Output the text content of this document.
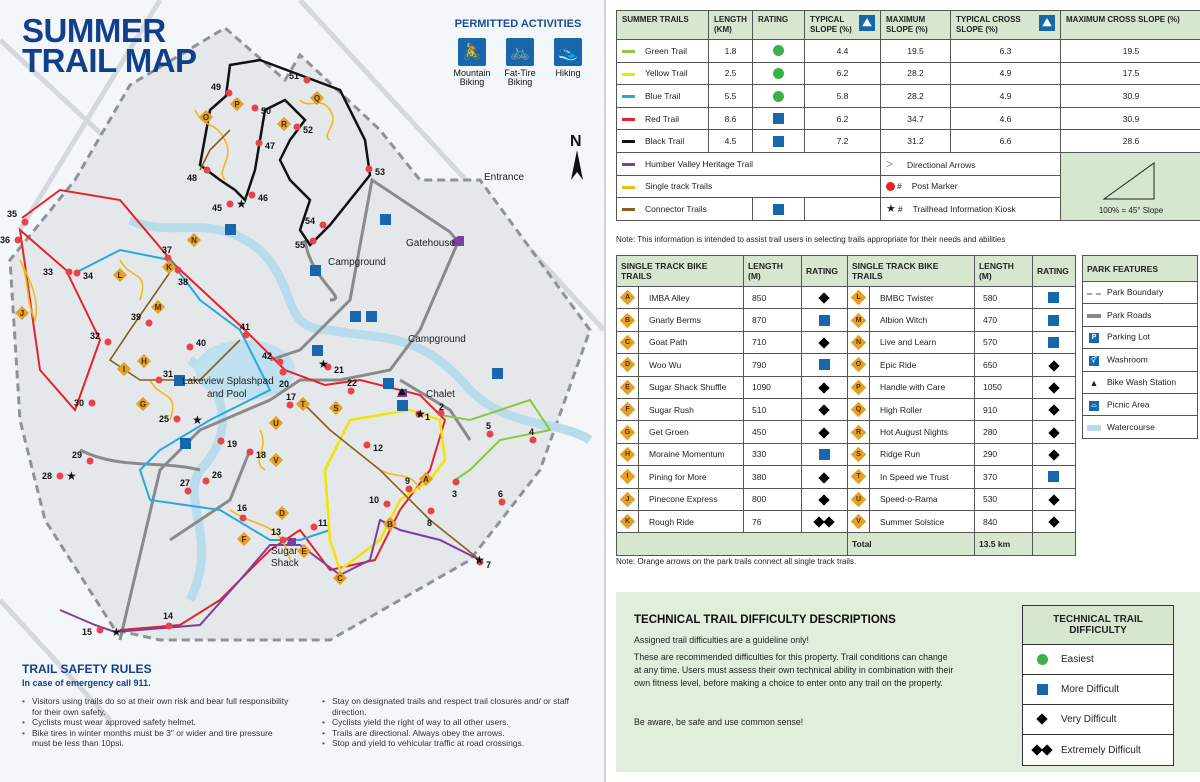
1
2
3
4
5
6
7
8
9
10
11
12
13
14
15
16
17
18
19
20
21
22
25
26
27
28
29
30
31
32
33	34
35
36
37
38
39
40
41
42
45
46
47
48
49
50
51
52
53
54
55
A
B
C
D
E
F
G
H
I
J
K
L
M
N
O
P
Q
R
S
T
U
V
★
★
★
★
★
★
★
N
Entrance
Gatehouse
Campground
Campground
Lakeview Splashpad
and Pool	Chalet
Sugar
Shack
SUMMER
TRAIL MAP
PERMITTED ACTIVITIES
🚴
Mountain
Biking
🚲
Fat-Tire
Biking
👟
Hiking
TRAIL SAFETY RULES
In case of emergency call 911.
• Visitors using trails do so at their own risk and bear full responsibility for their own safety.
• Cyclists must wear approved safety helmet.
• Bike tires in winter months must be 3" or wider and tire pressure must be less than 10psi.
• Stay on designated trails and respect trail closures and/ or staff direction.
• Cyclists yield the right of way to all other users.
• Trails are directional. Always obey the arrows.
• Stop and yield to vehicular traffic at road crossings.
SUMMER TRAILS	LENGTH (KM)	RATING	⛰
TYPICAL SLOPE (%)	MAXIMUM SLOPE (%)	⛰
TYPICAL CROSS SLOPE (%)	MAXIMUM CROSS SLOPE (%)
Green Trail	1.8		4.4	19.5	6.3	19.5
Yellow Trail	2.5		6.2	28.2	4.9	17.5
Blue Trail	5.5		5.8	28.2	4.9	30.9
Red Trail	8.6		6.2	34.7	4.6	30.9
Black Trail	4.5		7.2	31.2	6.6	28.6
Humber Valley Heritage Trail				> Directional Arrows		100% = 45° Slope

Single track Trails				# Post Marker		
Connector Trails				★ # Trailhead Information Kiosk		
Note: This information is intended to assist trail users in selecting trails appropriate for their needs and abilities
SINGLE TRACK BIKE TRAILS		LENGTH (M)	RATING	SINGLE TRACK BIKE TRAILS		LENGTH (M)	RATING

A	IMBA Alley	850		L	BMBC Twister	580	

B	Gnarly Berms	870		M	Albion Witch	470	

C	Goat Path	710		N	Live and Learn	570	

D	Woo Wu	790		O	Epic Ride	650	

E	Sugar Shack Shuffle	1090		P	Handle with Care	1050	

F	Sugar Rush	510		Q	High Roller	910	

G	Get Groen	450		R	Hot August Nights	280	

H	Moraine Momentum	330		S	Ridge Run	290	

I	Pining for More	380		T	In Speed we Trust	370	

J	Pinecone Express	800		U	Speed-o-Rama	530	

K	Rough Ride	76		V	Summer Solstice	840	
				Total		13.5 km	
Note: Orange arrows on the park trails connect all single track trails.
PARK FEATURES
Park Boundary
Park Roads
P Parking Lot
⚥ Washroom
▲ Bike Wash Station
⌓ Picnic Area
Watercourse
TECHNICAL TRAIL DIFFICULTY DESCRIPTIONS

Assigned trail difficulties are a guideline only!

These are recommended difficulties for this property. Trail conditions can change at any time. Users must assess their own technical ability in combination with their own fitness level, before making a choice to enter onto any trail on the property.

Be aware, be safe and use common sense!

TECHNICAL TRAIL DIFFICULTY
Easiest
More Difficult
Very Difficult
Extremely Difficult
